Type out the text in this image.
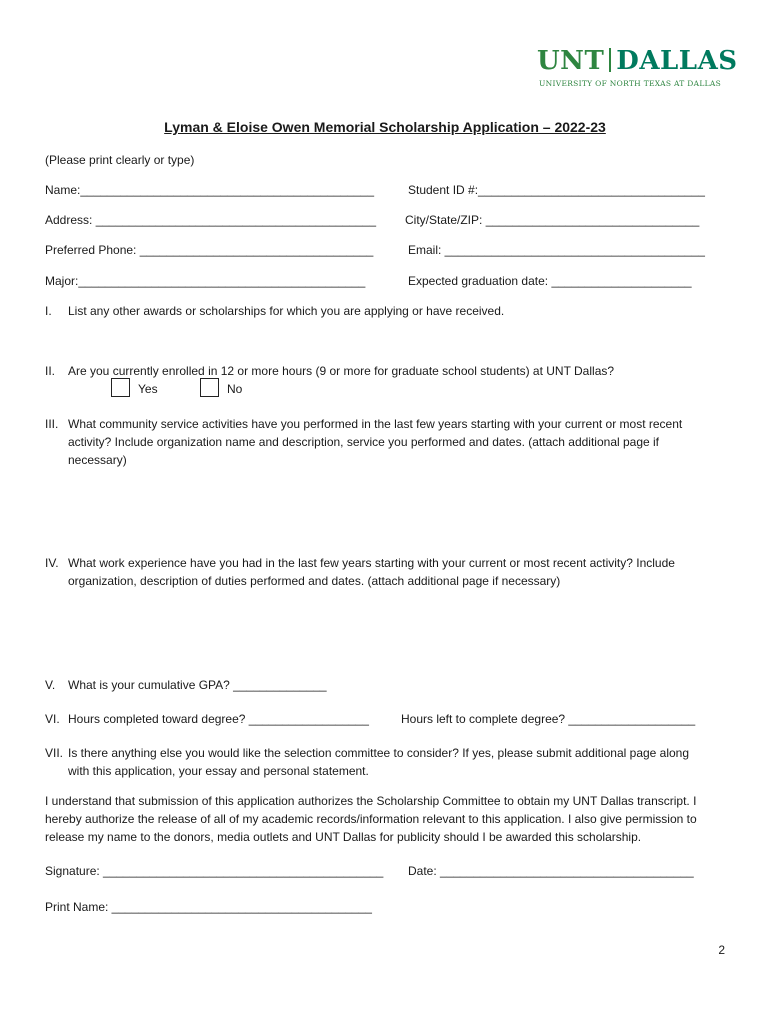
UNT DALLAS
UNIVERSITY OF NORTH TEXAS AT DALLAS
Lyman & Eloise Owen Memorial Scholarship Application – 2022-23
(Please print clearly or type)
Name:____________________________________________	Student ID #:__________________________________
Address: __________________________________________ City/State/ZIP: ________________________________
Preferred Phone: ___________________________________	Email: _______________________________________
Major:___________________________________________	Expected graduation date: _____________________
I. List any other awards or scholarships for which you are applying or have received.
II. Are you currently enrolled in 12 or more hours (9 or more for graduate school students) at UNT Dallas?
Yes	No
III. What community service activities have you performed in the last few years starting with your current or most recent activity? Include organization name and description, service you performed and dates. (attach additional page if necessary)
IV. What work experience have you had in the last few years starting with your current or most recent activity? Include organization, description of duties performed and dates. (attach additional page if necessary)
V. What is your cumulative GPA? ______________
VI. Hours completed toward degree? __________________	Hours left to complete degree? ___________________
VII. Is there anything else you would like the selection committee to consider? If yes, please submit additional page along with this application, your essay and personal statement.
I understand that submission of this application authorizes the Scholarship Committee to obtain my UNT Dallas transcript. I hereby authorize the release of all of my academic records/information relevant to this application. I also give permission to release my name to the donors, media outlets and UNT Dallas for publicity should I be awarded this scholarship.
Signature: __________________________________________ Date: ______________________________________
Print Name: _______________________________________
2
